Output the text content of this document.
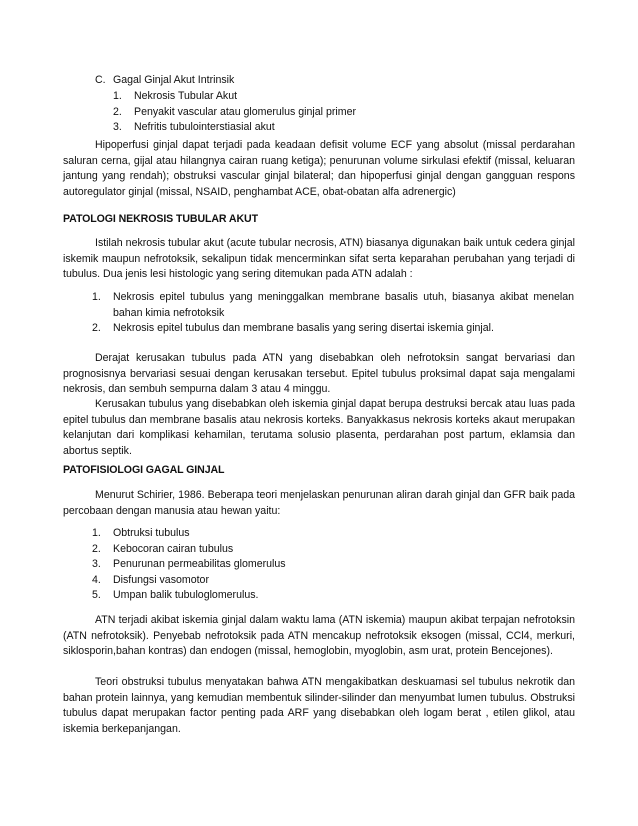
C. Gagal Ginjal Akut Intrinsik
1. Nekrosis Tubular Akut
2. Penyakit vascular atau glomerulus ginjal primer
3. Nefritis tubulointerstiasial akut

Hipoperfusi ginjal dapat terjadi pada keadaan defisit volume ECF yang absolut (missal perdarahan saluran cerna, gijal atau hilangnya cairan ruang ketiga); penurunan volume sirkulasi efektif (missal, keluaran jantung yang rendah); obstruksi vascular ginjal bilateral; dan hipoperfusi ginjal dengan gangguan respons autoregulator ginjal (missal, NSAID, penghambat ACE, obat-obatan alfa adrenergic)

PATOLOGI NEKROSIS TUBULAR AKUT

Istilah nekrosis tubular akut (acute tubular necrosis, ATN) biasanya digunakan baik untuk cedera ginjal iskemik maupun nefrotoksik, sekalipun tidak mencerminkan sifat serta keparahan perubahan yang terjadi di tubulus. Dua jenis lesi histologic yang sering ditemukan pada ATN adalah :

1. Nekrosis epitel tubulus yang meninggalkan membrane basalis utuh, biasanya akibat menelan bahan kimia nefrotoksik

2. Nekrosis epitel tubulus dan membrane basalis yang sering disertai iskemia ginjal.

Derajat kerusakan tubulus pada ATN yang disebabkan oleh nefrotoksin sangat bervariasi dan prognosisnya bervariasi sesuai dengan kerusakan tersebut. Epitel tubulus proksimal dapat saja mengalami nekrosis, dan sembuh sempurna dalam 3 atau 4 minggu.

Kerusakan tubulus yang disebabkan oleh iskemia ginjal dapat berupa destruksi bercak atau luas pada epitel tubulus dan membrane basalis atau nekrosis korteks. Banyakkasus nekrosis korteks akaut merupakan kelanjutan dari komplikasi kehamilan, terutama solusio plasenta, perdarahan post partum, eklamsia dan abortus septik.

PATOFISIOLOGI GAGAL GINJAL

Menurut Schirier, 1986. Beberapa teori menjelaskan penurunan aliran darah ginjal dan GFR baik pada percobaan dengan manusia atau hewan yaitu:

1. Obtruksi tubulus
2. Kebocoran cairan tubulus
3. Penurunan permeabilitas glomerulus
4. Disfungsi vasomotor
5. Umpan balik tubuloglomerulus.

ATN terjadi akibat iskemia ginjal dalam waktu lama (ATN iskemia) maupun akibat terpajan nefrotoksin (ATN nefrotoksik). Penyebab nefrotoksik pada ATN mencakup nefrotoksik eksogen (missal, CCl4, merkuri, siklosporin,bahan kontras) dan endogen (missal, hemoglobin, myoglobin, asm urat, protein Bencejones).

Teori obstruksi tubulus menyatakan bahwa ATN mengakibatkan deskuamasi sel tubulus nekrotik dan bahan protein lainnya, yang kemudian membentuk silinder-silinder dan menyumbat lumen tubulus. Obstruksi tubulus dapat merupakan factor penting pada ARF yang disebabkan oleh logam berat , etilen glikol, atau iskemia berkepanjangan.
